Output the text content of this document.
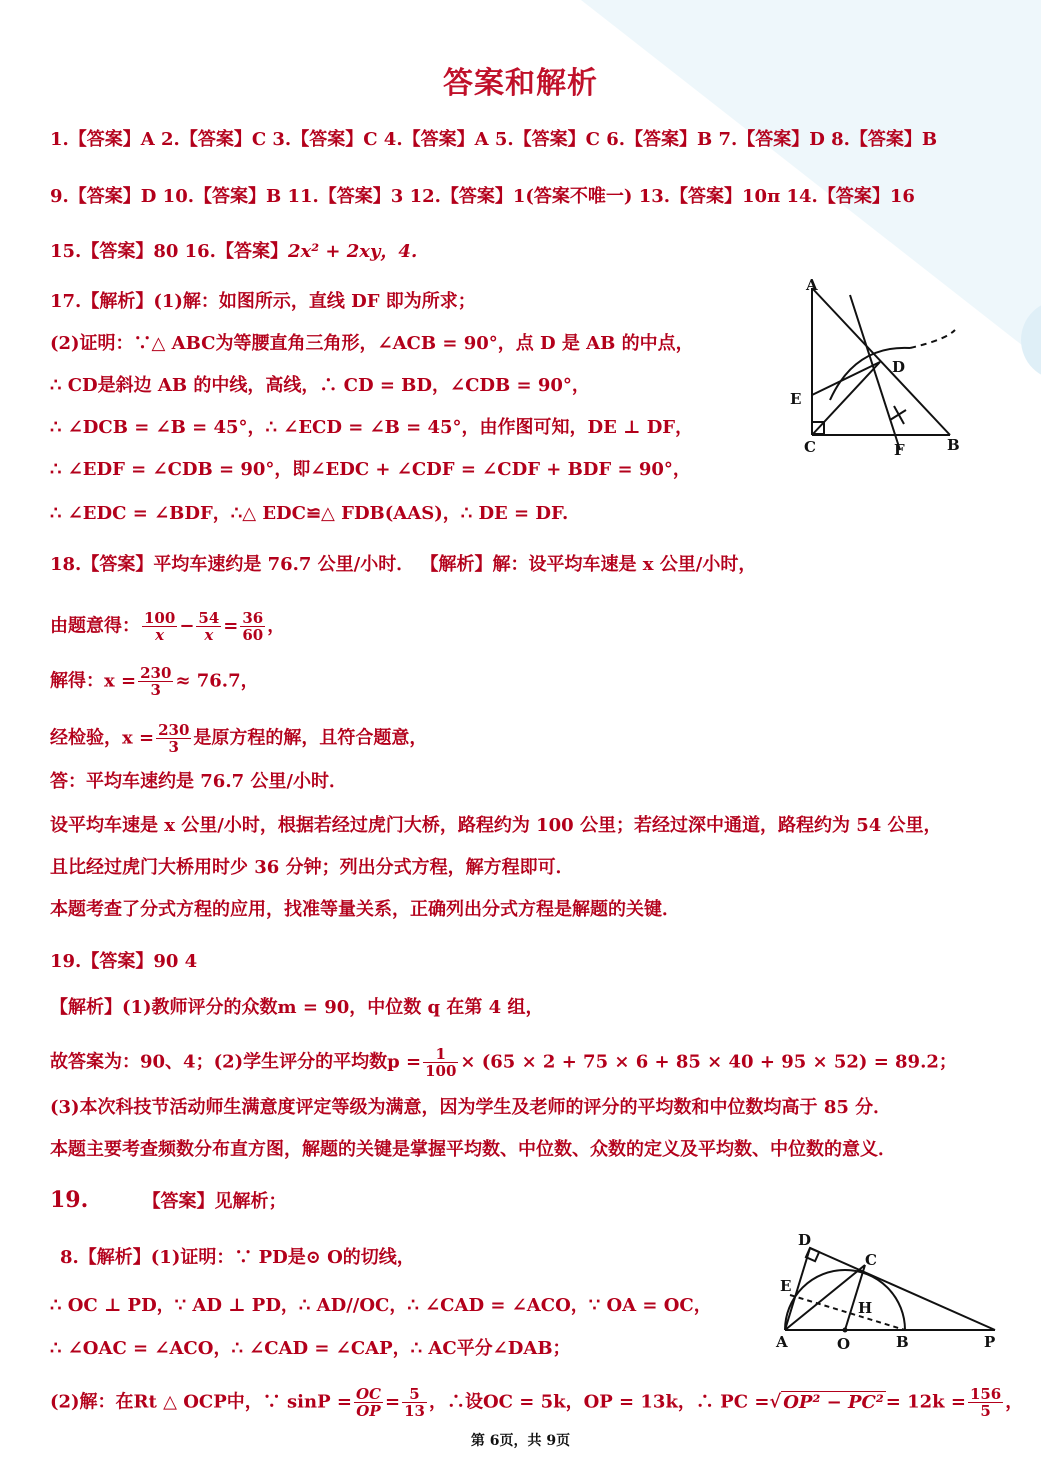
答案和解析
1.【答案】A 2.【答案】C 3.【答案】C 4.【答案】A 5.【答案】C 6.【答案】B 7.【答案】D 8.【答案】B
9.【答案】D 10.【答案】B 11.【答案】3 12.【答案】1(答案不唯一) 13.【答案】10π 14.【答案】16
15.【答案】80 16.【答案】2x² + 2xy，4.
17.【解析】(1)解：如图所示，直线 DF 即为所求；
(2)证明：∵△ ABC为等腰直角三角形，∠ACB = 90°，点 D 是 AB 的中点，
∴ CD是斜边 AB 的中线，高线，∴ CD = BD，∠CDB = 90°，
∴ ∠DCB = ∠B = 45°，∴ ∠ECD = ∠B = 45°，由作图可知，DE ⊥ DF，
∴ ∠EDF = ∠CDB = 90°，即∠EDC + ∠CDF = ∠CDF + BDF = 90°，
∴ ∠EDC = ∠BDF，∴△ EDC≌△ FDB(AAS)，∴ DE = DF.
A
B
C
D
E
F
18.【答案】平均车速约是 76.7 公里/小时． 【解析】解：设平均车速是 x 公里/小时，
由题意得： $\frac{100}{x} - \frac{54}{x} = \frac{36}{60}$ ，
解得：$x = \frac{230}{3} \approx 76.7$，
经检验，$x = \frac{230}{3}$ 是原方程的解，且符合题意，
答：平均车速约是 76.7 公里/小时．
设平均车速是 x 公里/小时，根据若经过虎门大桥，路程约为 100 公里；若经过深中通道，路程约为 54 公里，
且比经过虎门大桥用时少 36 分钟；列出分式方程，解方程即可．
本题考查了分式方程的应用，找准等量关系，正确列出分式方程是解题的关键．
19.【答案】90 4
【解析】(1)教师评分的众数m = 90，中位数 q 在第 4 组，
故答案为：90、4；(2)学生评分的平均数$p = \frac{1}{100} \times (65 \times 2 + 75 \times 6 + 85 \times 40 + 95 \times 52) = 89.2$；
(3)本次科技节活动师生满意度评定等级为满意，因为学生及老师的评分的平均数和中位数均高于 85 分．
本题主要考查频数分布直方图，解题的关键是掌握平均数、中位数、众数的定义及平均数、中位数的意义．
19.	【答案】见解析；
8.【解析】(1)证明：∵ PD是⊙ O的切线，
∴ OC ⊥ PD，∵ AD ⊥ PD，∴ AD//OC，∴ ∠CAD = ∠ACO，∵ OA = OC，
∴ ∠OAC = ∠ACO，∴ ∠CAD = ∠CAP，∴ AC平分∠DAB；
(2)解：在Rt △ OCP中，∵ $\sin P = \frac{OC}{OP} = \frac{5}{13}$ ，∴设OC = 5k，OP = 13k，∴ PC =√ $OP^2 - PC^2 = 12k = \frac{156}{5}$ ，
D
C
E
H
A	O	B	P
第 6页，共 9页
